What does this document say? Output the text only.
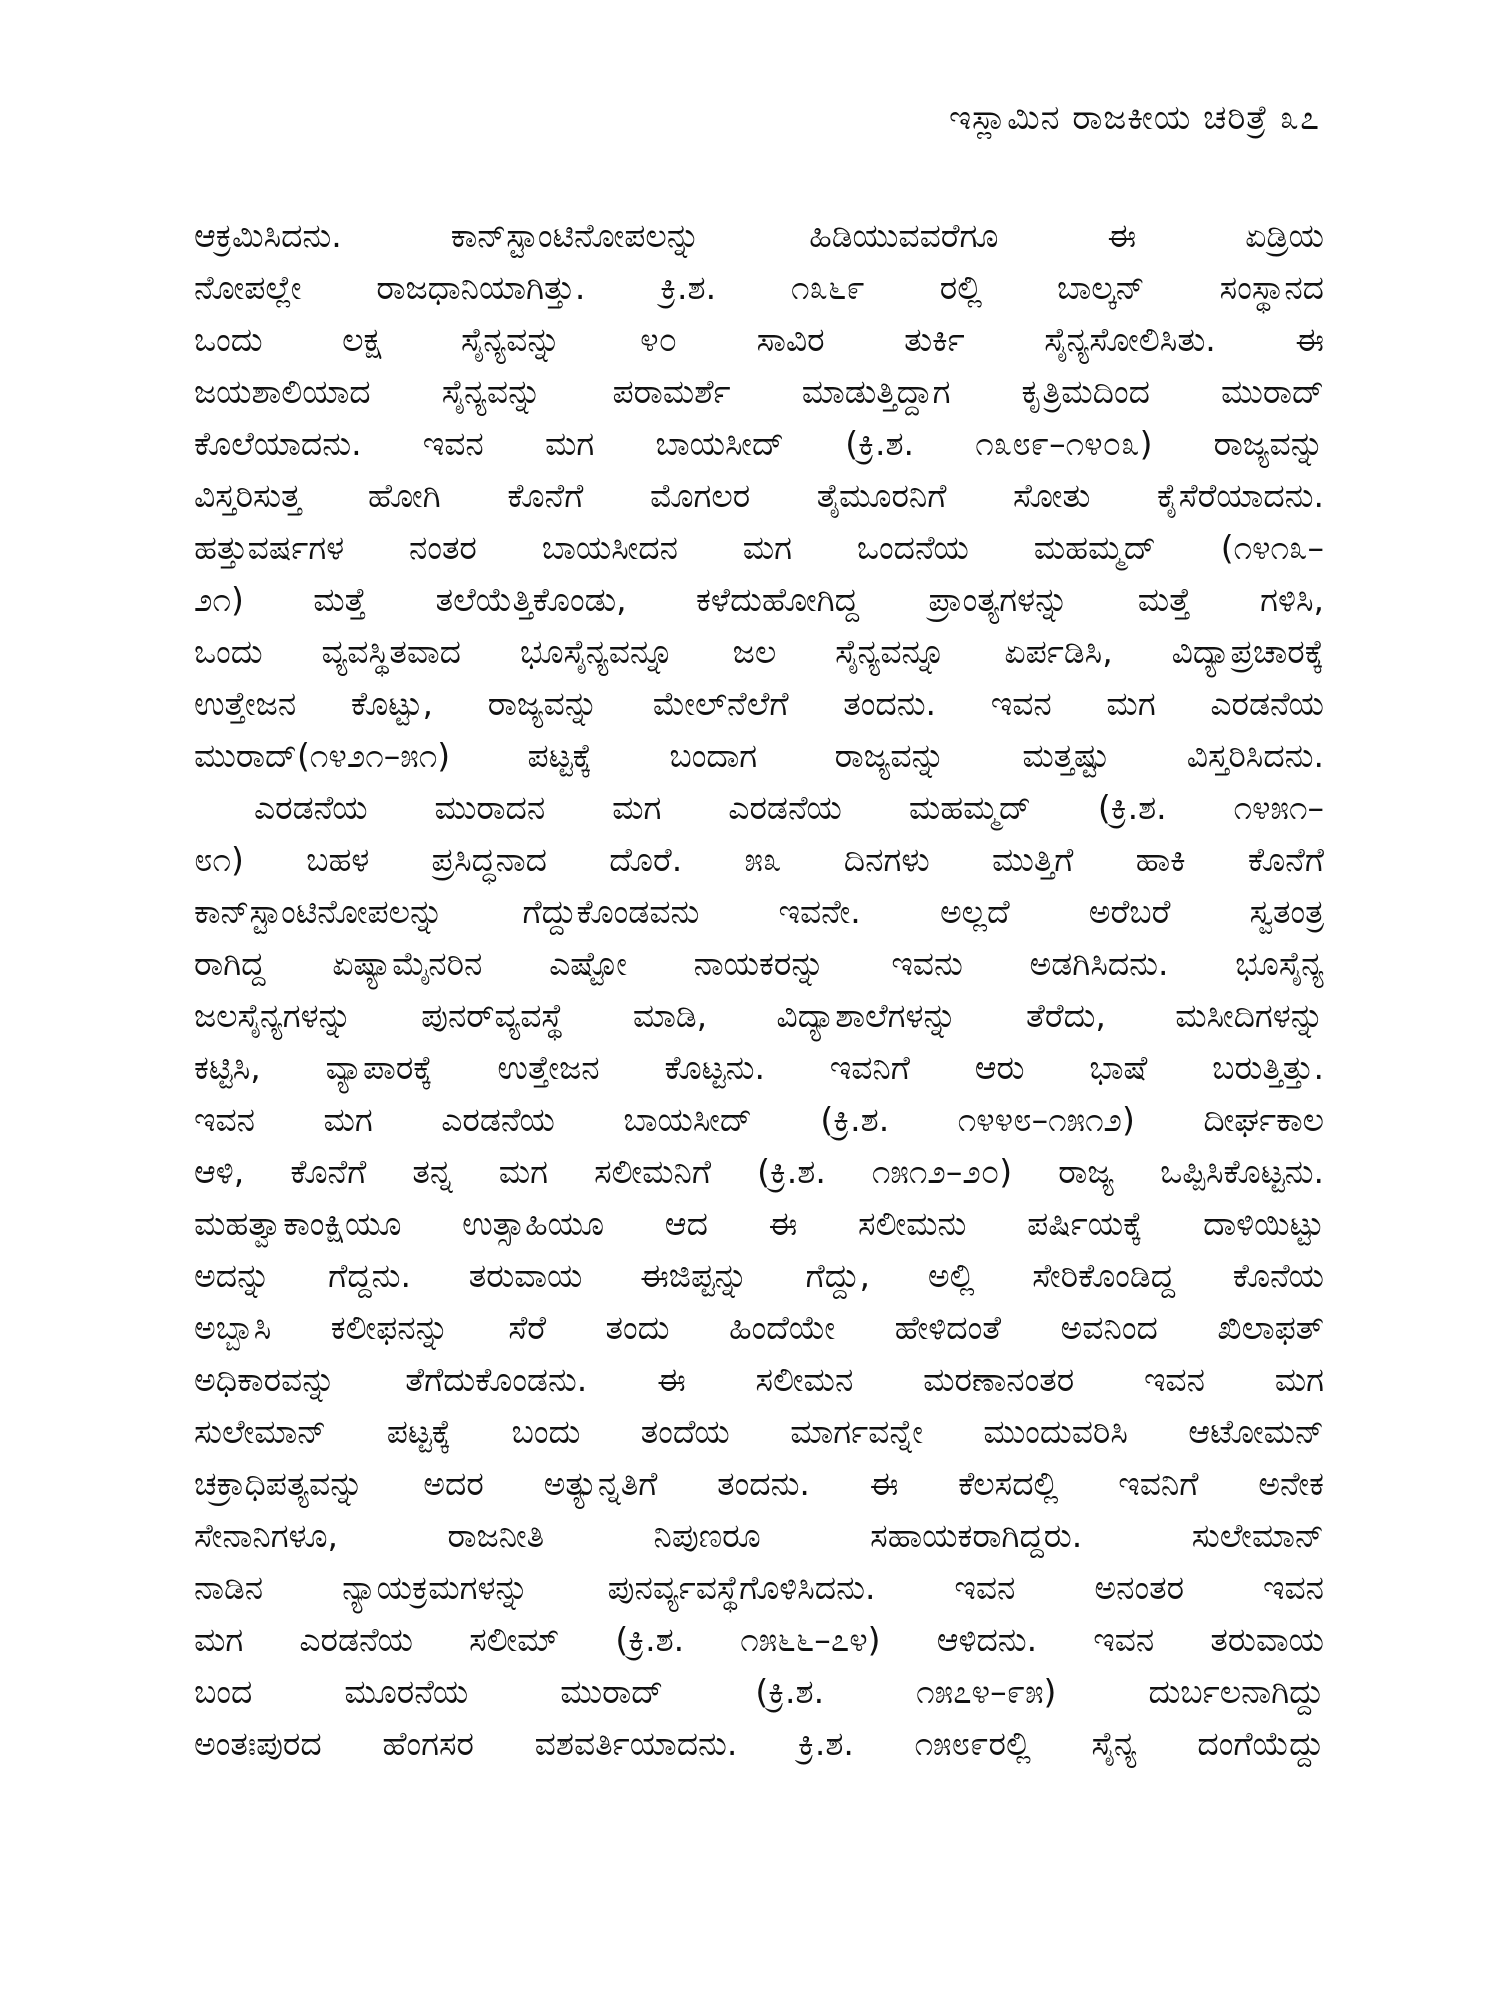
ಇಸ್ಲಾಮಿನ ರಾಜಕೀಯ ಚರಿತ್ರೆ ೩೭
ಆಕ್ರಮಿಸಿದನು. ಕಾನ್‌ಸ್ಟಾಂಟಿನೋಪಲನ್ನು ಹಿಡಿಯುವವರೆಗೂ ಈ ಏಡ್ರಿಯ
ನೋಪಲ್ಲೇ ರಾಜಧಾನಿಯಾಗಿತ್ತು. ಕ್ರಿ.ಶ. ೧೩೬೯ ರಲ್ಲಿ ಬಾಲ್ಕನ್ ಸಂಸ್ಥಾನದ
ಒಂದು ಲಕ್ಷ ಸೈನ್ಯವನ್ನು ೪೦ ಸಾವಿರ ತುರ್ಕಿ ಸೈನ್ಯಸೋಲಿಸಿತು. ಈ
ಜಯಶಾಲಿಯಾದ ಸೈನ್ಯವನ್ನು ಪರಾಮರ್ಶೆ ಮಾಡುತ್ತಿದ್ದಾಗ ಕೃತ್ರಿಮದಿಂದ ಮುರಾದ್
ಕೊಲೆಯಾದನು. ಇವನ ಮಗ ಬಾಯಸೀದ್ (ಕ್ರಿ.ಶ. ೧೩೮೯–೧೪೦೩) ರಾಜ್ಯವನ್ನು
ವಿಸ್ತರಿಸುತ್ತ ಹೋಗಿ ಕೊನೆಗೆ ಮೊಗಲರ ತೈಮೂರನಿಗೆ ಸೋತು ಕೈಸೆರೆಯಾದನು.
ಹತ್ತುವರ್ಷಗಳ ನಂತರ ಬಾಯಸೀದನ ಮಗ ಒಂದನೆಯ ಮಹಮ್ಮದ್ (೧೪೧೩–
೨೧) ಮತ್ತೆ ತಲೆಯೆತ್ತಿಕೊಂಡು, ಕಳೆದುಹೋಗಿದ್ದ ಪ್ರಾಂತ್ಯಗಳನ್ನು ಮತ್ತೆ ಗಳಿಸಿ,
ಒಂದು ವ್ಯವಸ್ಥಿತವಾದ ಭೂಸೈನ್ಯವನ್ನೂ ಜಲ ಸೈನ್ಯವನ್ನೂ ಏರ್ಪಡಿಸಿ, ವಿದ್ಯಾಪ್ರಚಾರಕ್ಕೆ
ಉತ್ತೇಜನ ಕೊಟ್ಟು, ರಾಜ್ಯವನ್ನು ಮೇಲ್‌ನೆಲೆಗೆ ತಂದನು. ಇವನ ಮಗ ಎರಡನೆಯ
ಮುರಾದ್(೧೪೨೧–೫೧) ಪಟ್ಟಕ್ಕೆ ಬಂದಾಗ ರಾಜ್ಯವನ್ನು ಮತ್ತಷ್ಟು ವಿಸ್ತರಿಸಿದನು.
ಎರಡನೆಯ ಮುರಾದನ ಮಗ ಎರಡನೆಯ ಮಹಮ್ಮದ್ (ಕ್ರಿ.ಶ. ೧೪೫೧–
೮೧) ಬಹಳ ಪ್ರಸಿದ್ಧನಾದ ದೊರೆ. ೫೩ ದಿನಗಳು ಮುತ್ತಿಗೆ ಹಾಕಿ ಕೊನೆಗೆ
ಕಾನ್‌ಸ್ಟಾಂಟಿನೋಪಲನ್ನು ಗೆದ್ದುಕೊಂಡವನು ಇವನೇ. ಅಲ್ಲದೆ ಅರೆಬರೆ ಸ್ವತಂತ್ರ
ರಾಗಿದ್ದ ಏಷ್ಯಾಮೈನರಿನ ಎಷ್ಟೋ ನಾಯಕರನ್ನು ಇವನು ಅಡಗಿಸಿದನು. ಭೂಸೈನ್ಯ
ಜಲಸೈನ್ಯಗಳನ್ನು ಪುನರ್‌ವ್ಯವಸ್ಥೆ ಮಾಡಿ, ವಿದ್ಯಾಶಾಲೆಗಳನ್ನು ತೆರೆದು, ಮಸೀದಿಗಳನ್ನು
ಕಟ್ಟಿಸಿ, ವ್ಯಾಪಾರಕ್ಕೆ ಉತ್ತೇಜನ ಕೊಟ್ಟನು. ಇವನಿಗೆ ಆರು ಭಾಷೆ ಬರುತ್ತಿತ್ತು.
ಇವನ ಮಗ ಎರಡನೆಯ ಬಾಯಸೀದ್ (ಕ್ರಿ.ಶ. ೧೪೪೮–೧೫೧೨) ದೀರ್ಘಕಾಲ
ಆಳಿ, ಕೊನೆಗೆ ತನ್ನ ಮಗ ಸಲೀಮನಿಗೆ (ಕ್ರಿ.ಶ. ೧೫೧೨–೨೦) ರಾಜ್ಯ ಒಪ್ಪಿಸಿಕೊಟ್ಟನು.
ಮಹತ್ವಾಕಾಂಕ್ಷಿಯೂ ಉತ್ಸಾಹಿಯೂ ಆದ ಈ ಸಲೀಮನು ಪರ್ಷಿಯಕ್ಕೆ ದಾಳಿಯಿಟ್ಟು
ಅದನ್ನು ಗೆದ್ದನು. ತರುವಾಯ ಈಜಿಪ್ಟನ್ನು ಗೆದ್ದು, ಅಲ್ಲಿ ಸೇರಿಕೊಂಡಿದ್ದ ಕೊನೆಯ
ಅಬ್ಬಾಸಿ ಕಲೀಫನನ್ನು ಸೆರೆ ತಂದು ಹಿಂದೆಯೇ ಹೇಳಿದಂತೆ ಅವನಿಂದ ಖಿಲಾಫತ್
ಅಧಿಕಾರವನ್ನು ತೆಗೆದುಕೊಂಡನು. ಈ ಸಲೀಮನ ಮರಣಾನಂತರ ಇವನ ಮಗ
ಸುಲೇಮಾನ್ ಪಟ್ಟಕ್ಕೆ ಬಂದು ತಂದೆಯ ಮಾರ್ಗವನ್ನೇ ಮುಂದುವರಿಸಿ ಆಟೋಮನ್
ಚಕ್ರಾಧಿಪತ್ಯವನ್ನು ಅದರ ಅತ್ಯುನ್ನತಿಗೆ ತಂದನು. ಈ ಕೆಲಸದಲ್ಲಿ ಇವನಿಗೆ ಅನೇಕ
ಸೇನಾನಿಗಳೂ, ರಾಜನೀತಿ ನಿಪುಣರೂ ಸಹಾಯಕರಾಗಿದ್ದರು. ಸುಲೇಮಾನ್
ನಾಡಿನ ನ್ಯಾಯಕ್ರಮಗಳನ್ನು ಪುನರ್ವ್ಯವಸ್ಥೆಗೊಳಿಸಿದನು. ಇವನ ಅನಂತರ ಇವನ
ಮಗ ಎರಡನೆಯ ಸಲೀಮ್ (ಕ್ರಿ.ಶ. ೧೫೬೬–೭೪) ಆಳಿದನು. ಇವನ ತರುವಾಯ
ಬಂದ ಮೂರನೆಯ ಮುರಾದ್ (ಕ್ರಿ.ಶ. ೧೫೭೪–೯೫) ದುರ್ಬಲನಾಗಿದ್ದು
ಅಂತಃಪುರದ ಹೆಂಗಸರ ವಶವರ್ತಿಯಾದನು. ಕ್ರಿ.ಶ. ೧೫೮೯ರಲ್ಲಿ ಸೈನ್ಯ ದಂಗೆಯೆದ್ದು
